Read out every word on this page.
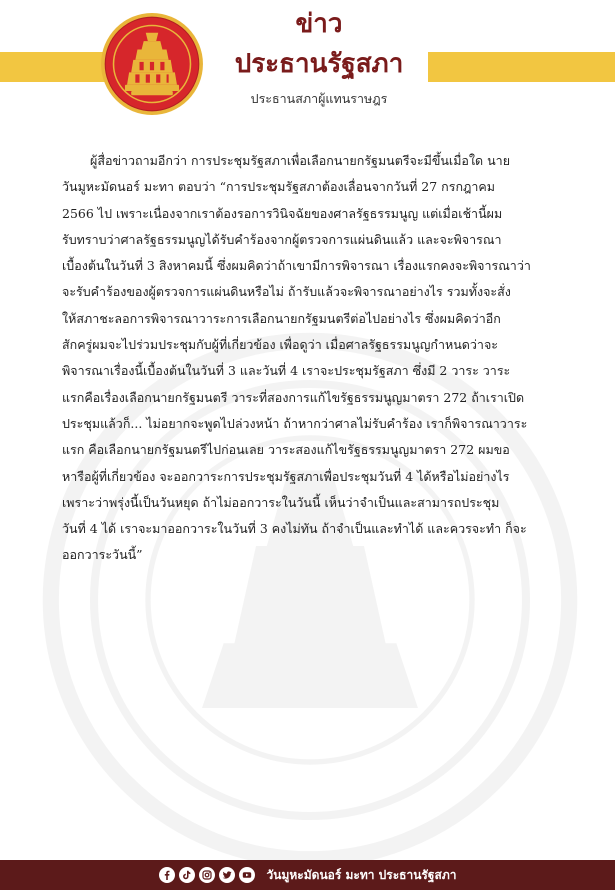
ข่าว
ประธานรัฐสภา
ประธานสภาผู้แทนราษฎร
ผู้สื่อข่าวถามอีกว่า การประชุมรัฐสภาเพื่อเลือกนายกรัฐมนตรีจะมีขึ้นเมื่อใด นาย
วันมูหะมัดนอร์ มะทา ตอบว่า “การประชุมรัฐสภาต้องเลื่อนจากวันที่ 27 กรกฎาคม
2566 ไป เพราะเนื่องจากเราต้องรอการวินิจฉัยของศาลรัฐธรรมนูญ แต่เมื่อเช้านี้ผม
รับทราบว่าศาลรัฐธรรมนูญได้รับคำร้องจากผู้ตรวจการแผ่นดินแล้ว และจะพิจารณา
เบื้องต้นในวันที่ 3 สิงหาคมนี้ ซึ่งผมคิดว่าถ้าเขามีการพิจารณา เรื่องแรกคงจะพิจารณาว่า
จะรับคำร้องของผู้ตรวจการแผ่นดินหรือไม่ ถ้ารับแล้วจะพิจารณาอย่างไร รวมทั้งจะสั่ง
ให้สภาชะลอการพิจารณาวาระการเลือกนายกรัฐมนตรีต่อไปอย่างไร ซึ่งผมคิดว่าอีก
สักครู่ผมจะไปร่วมประชุมกับผู้ที่เกี่ยวข้อง เพื่อดูว่า เมื่อศาลรัฐธรรมนูญกำหนดว่าจะ
พิจารณาเรื่องนี้เบื้องต้นในวันที่ 3 และวันที่ 4 เราจะประชุมรัฐสภา ซึ่งมี 2 วาระ วาระ
แรกคือเรื่องเลือกนายกรัฐมนตรี วาระที่สองการแก้ไขรัฐธรรมนูญมาตรา 272 ถ้าเราเปิด
ประชุมแล้วก็... ไม่อยากจะพูดไปล่วงหน้า ถ้าหากว่าศาลไม่รับคำร้อง เราก็พิจารณาวาระ
แรก คือเลือกนายกรัฐมนตรีไปก่อนเลย วาระสองแก้ไขรัฐธรรมนูญมาตรา 272 ผมขอ
หารือผู้ที่เกี่ยวข้อง จะออกวาระการประชุมรัฐสภาเพื่อประชุมวันที่ 4 ได้หรือไม่อย่างไร
เพราะว่าพรุ่งนี้เป็นวันหยุด ถ้าไม่ออกวาระในวันนี้ เห็นว่าจำเป็นและสามารถประชุม
วันที่ 4 ได้ เราจะมาออกวาระในวันที่ 3 คงไม่ทัน ถ้าจำเป็นและทำได้ และควรจะทำ ก็จะ
ออกวาระวันนี้”
วันมูหะมัดนอร์ มะทา ประธานรัฐสภา
